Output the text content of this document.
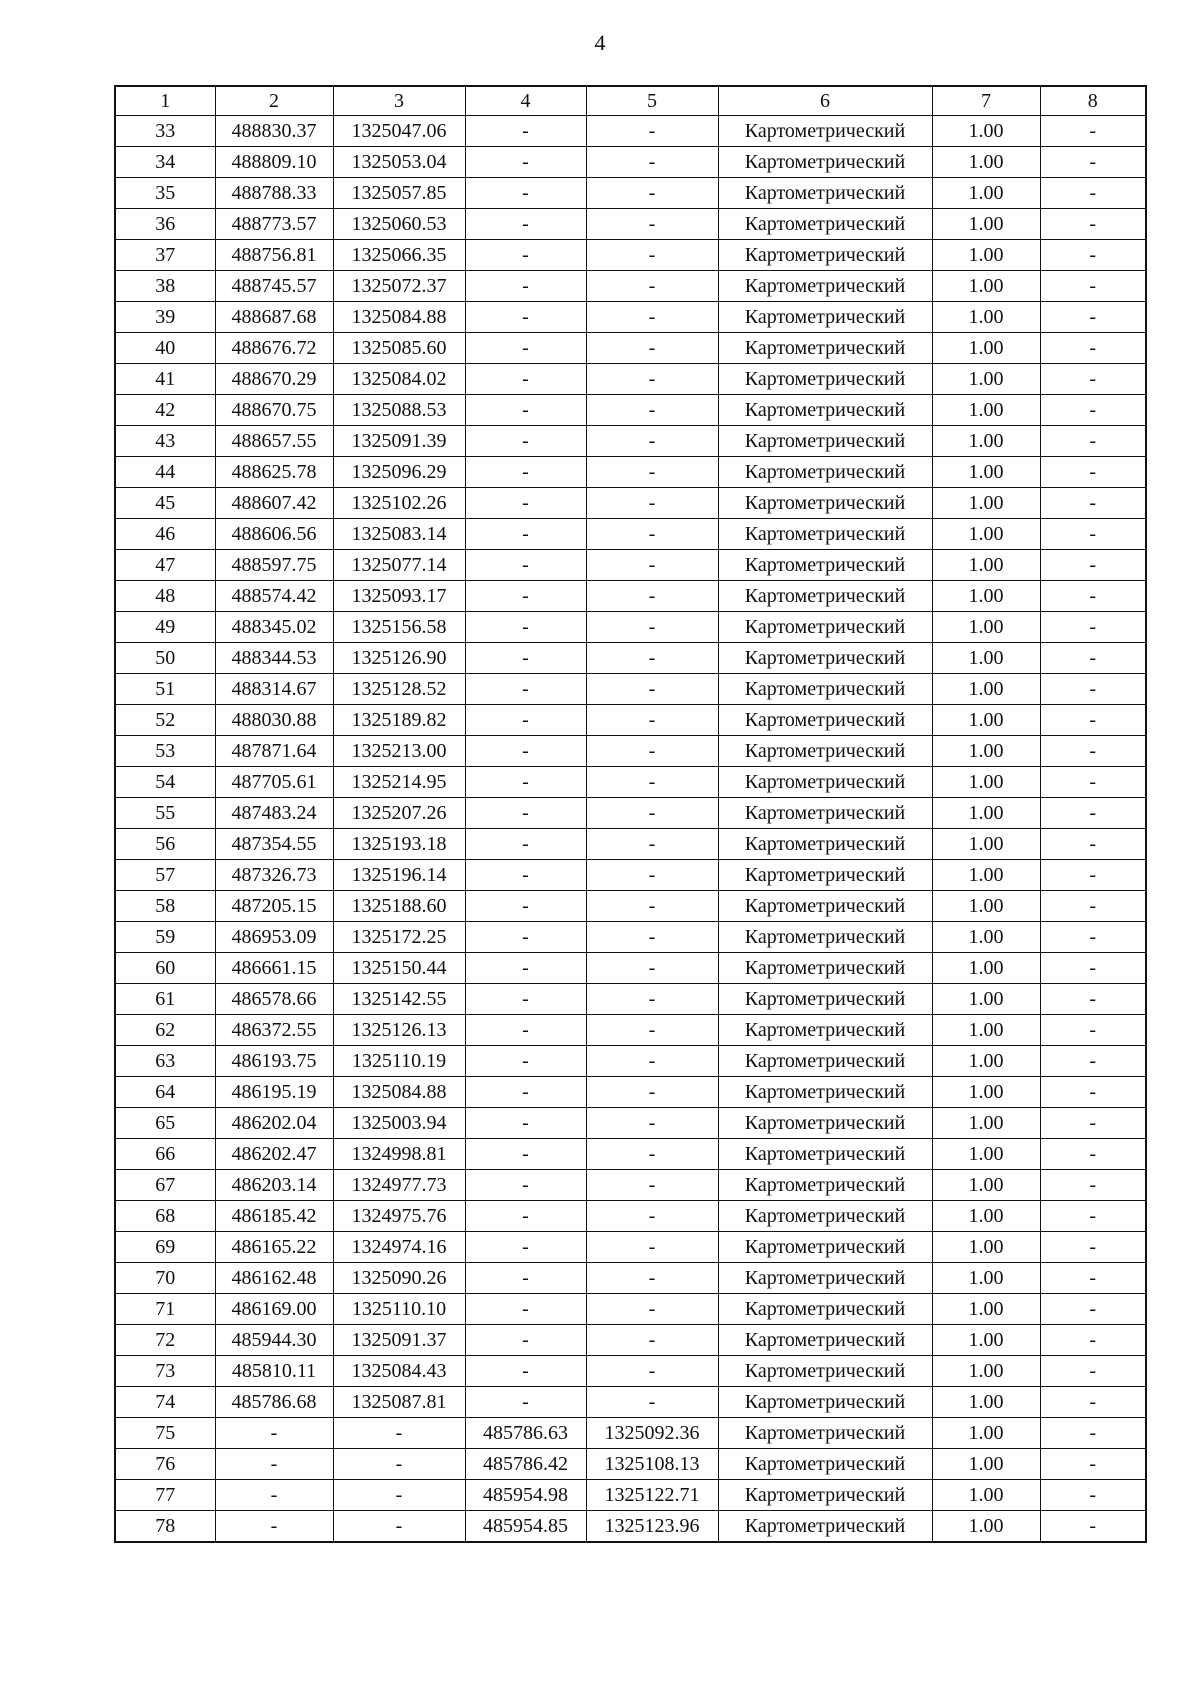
4
1	2	3	4	5	6	7	8
33	488830.37	1325047.06	-	-	Картометрический	1.00	-
34	488809.10	1325053.04	-	-	Картометрический	1.00	-
35	488788.33	1325057.85	-	-	Картометрический	1.00	-
36	488773.57	1325060.53	-	-	Картометрический	1.00	-
37	488756.81	1325066.35	-	-	Картометрический	1.00	-
38	488745.57	1325072.37	-	-	Картометрический	1.00	-
39	488687.68	1325084.88	-	-	Картометрический	1.00	-
40	488676.72	1325085.60	-	-	Картометрический	1.00	-
41	488670.29	1325084.02	-	-	Картометрический	1.00	-
42	488670.75	1325088.53	-	-	Картометрический	1.00	-
43	488657.55	1325091.39	-	-	Картометрический	1.00	-
44	488625.78	1325096.29	-	-	Картометрический	1.00	-
45	488607.42	1325102.26	-	-	Картометрический	1.00	-
46	488606.56	1325083.14	-	-	Картометрический	1.00	-
47	488597.75	1325077.14	-	-	Картометрический	1.00	-
48	488574.42	1325093.17	-	-	Картометрический	1.00	-
49	488345.02	1325156.58	-	-	Картометрический	1.00	-
50	488344.53	1325126.90	-	-	Картометрический	1.00	-
51	488314.67	1325128.52	-	-	Картометрический	1.00	-
52	488030.88	1325189.82	-	-	Картометрический	1.00	-
53	487871.64	1325213.00	-	-	Картометрический	1.00	-
54	487705.61	1325214.95	-	-	Картометрический	1.00	-
55	487483.24	1325207.26	-	-	Картометрический	1.00	-
56	487354.55	1325193.18	-	-	Картометрический	1.00	-
57	487326.73	1325196.14	-	-	Картометрический	1.00	-
58	487205.15	1325188.60	-	-	Картометрический	1.00	-
59	486953.09	1325172.25	-	-	Картометрический	1.00	-
60	486661.15	1325150.44	-	-	Картометрический	1.00	-
61	486578.66	1325142.55	-	-	Картометрический	1.00	-
62	486372.55	1325126.13	-	-	Картометрический	1.00	-
63	486193.75	1325110.19	-	-	Картометрический	1.00	-
64	486195.19	1325084.88	-	-	Картометрический	1.00	-
65	486202.04	1325003.94	-	-	Картометрический	1.00	-
66	486202.47	1324998.81	-	-	Картометрический	1.00	-
67	486203.14	1324977.73	-	-	Картометрический	1.00	-
68	486185.42	1324975.76	-	-	Картометрический	1.00	-
69	486165.22	1324974.16	-	-	Картометрический	1.00	-
70	486162.48	1325090.26	-	-	Картометрический	1.00	-
71	486169.00	1325110.10	-	-	Картометрический	1.00	-
72	485944.30	1325091.37	-	-	Картометрический	1.00	-
73	485810.11	1325084.43	-	-	Картометрический	1.00	-
74	485786.68	1325087.81	-	-	Картометрический	1.00	-
75	-	-	485786.63	1325092.36	Картометрический	1.00	-
76	-	-	485786.42	1325108.13	Картометрический	1.00	-
77	-	-	485954.98	1325122.71	Картометрический	1.00	-
78	-	-	485954.85	1325123.96	Картометрический	1.00	-
